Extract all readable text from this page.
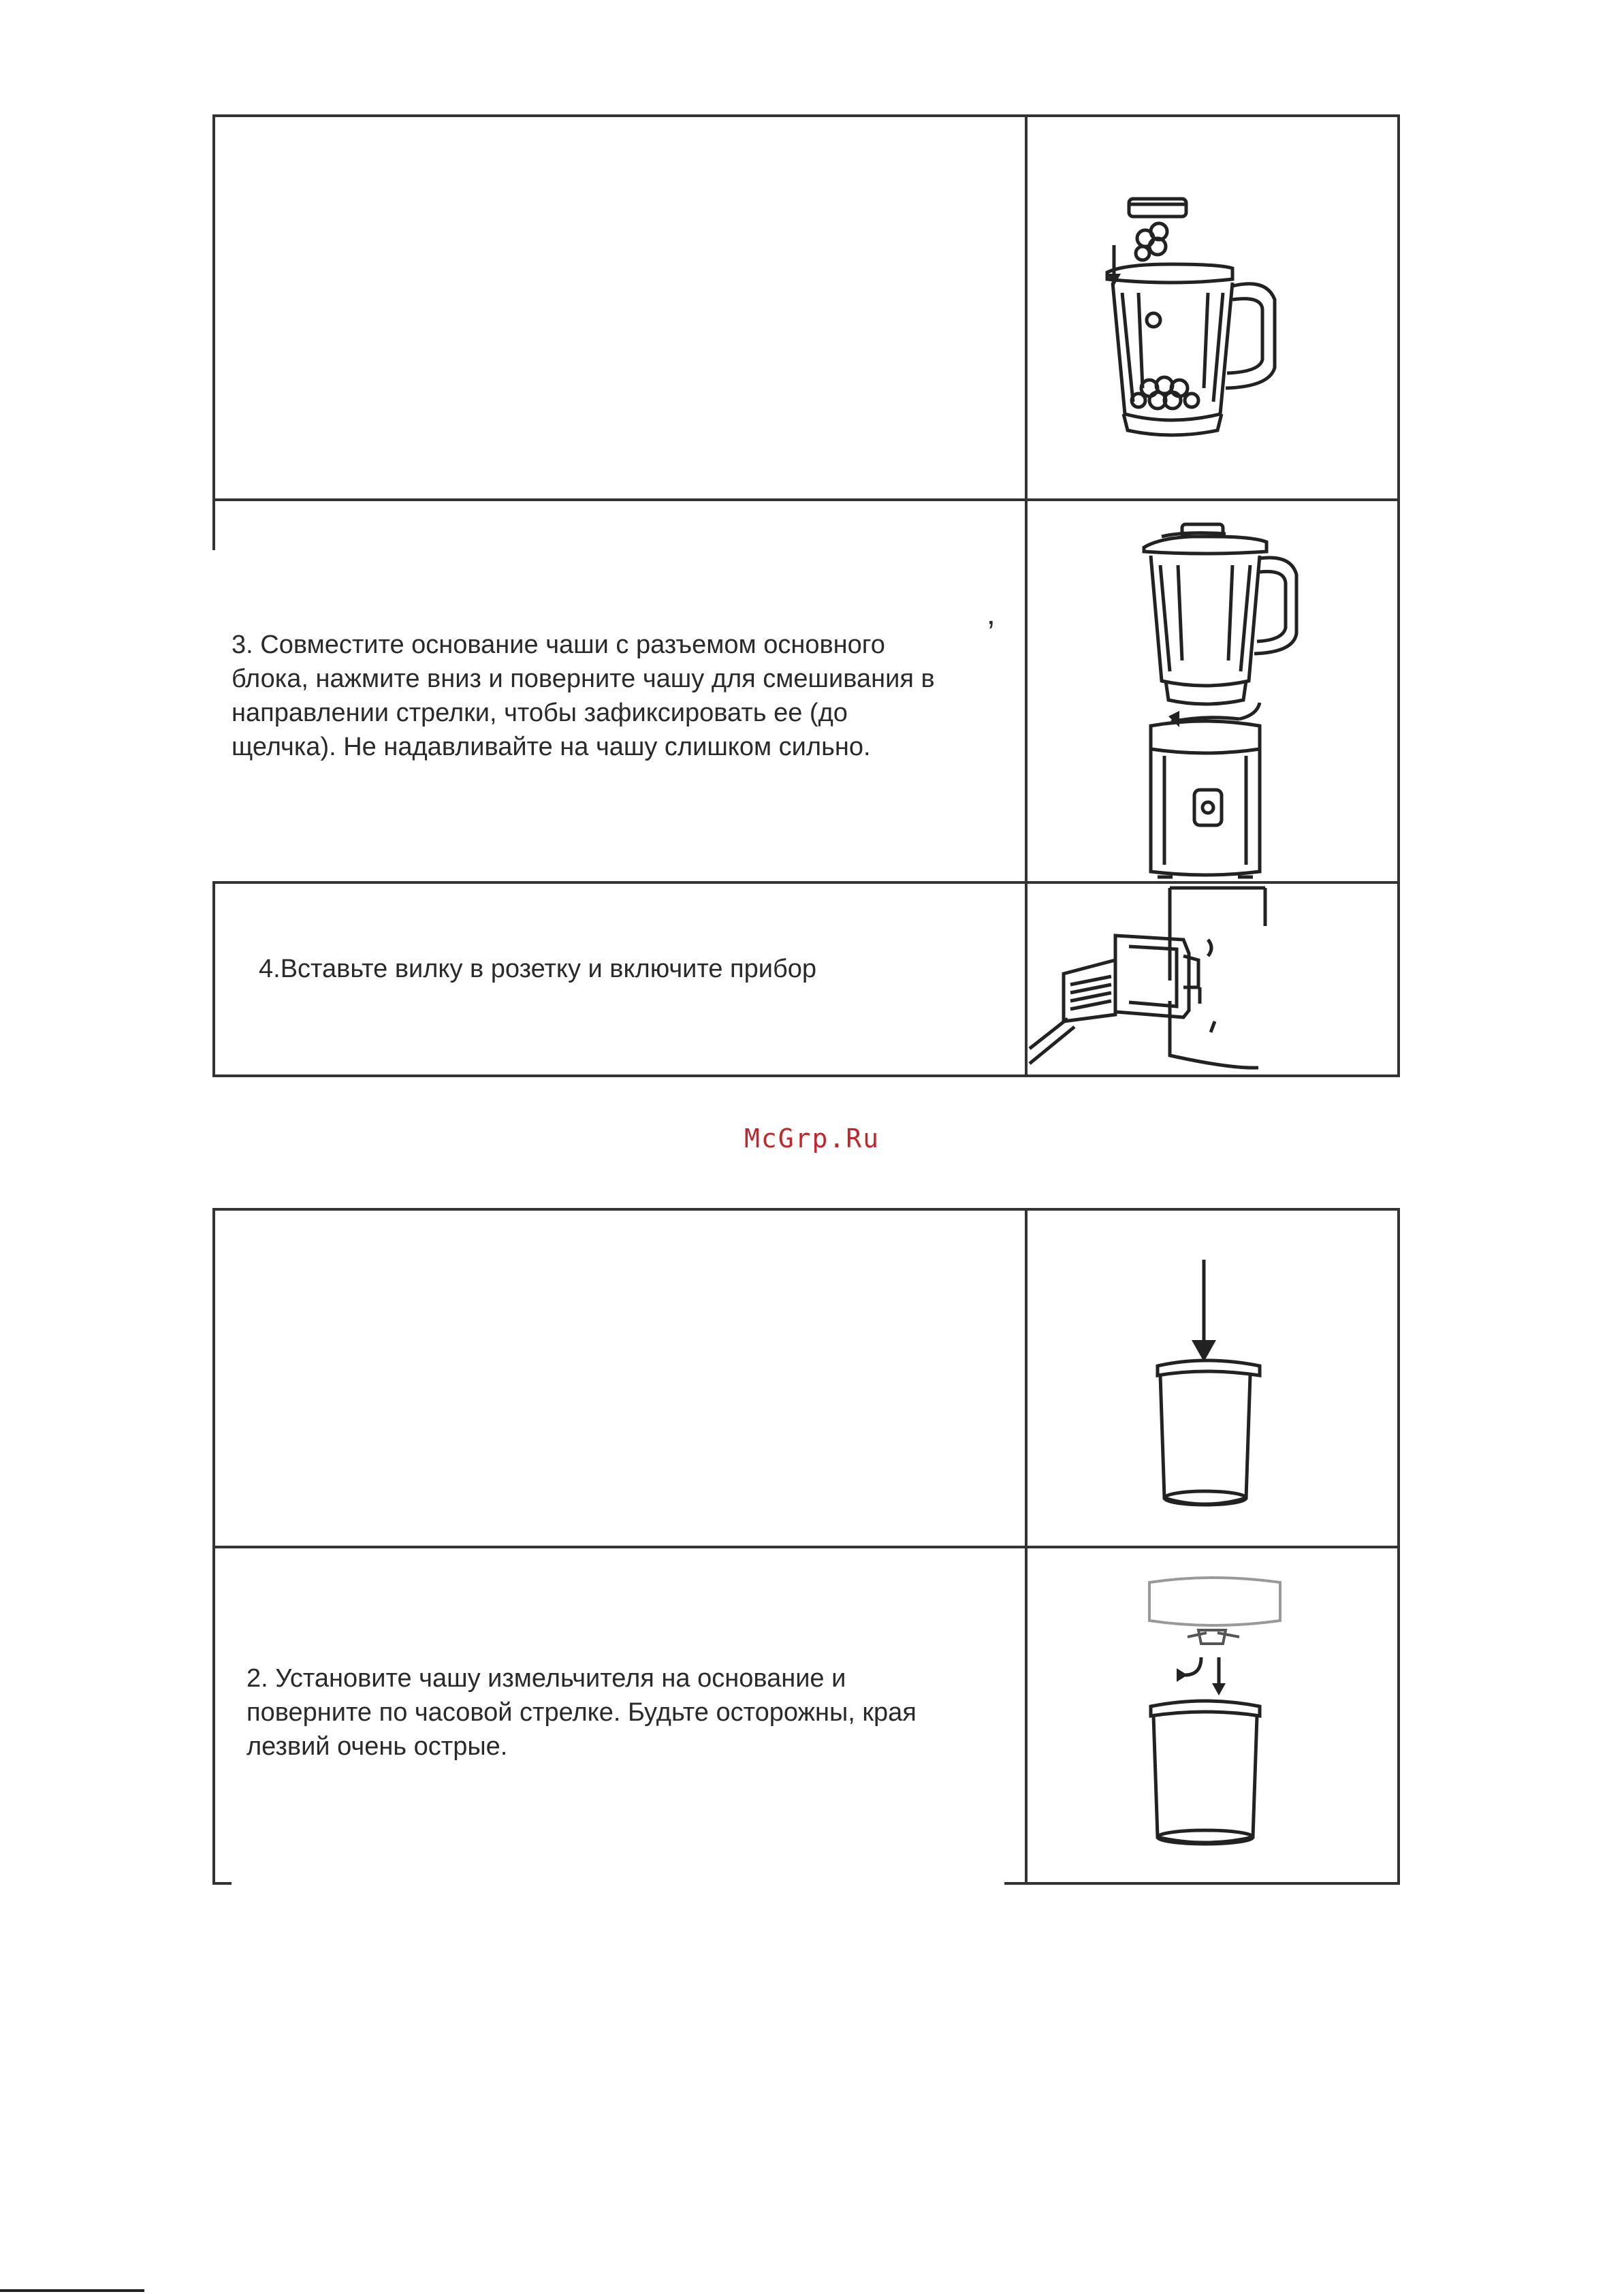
3. Совместите основание чаши с разъемом основного
блока, нажмите вниз и поверните чашу для смешивания в
направлении стрелки, чтобы зафиксировать ее (до
щелчка). Не надавливайте на чашу слишком сильно.
’
4.Вставьте вилку в розетку и включите прибор
McGrp.Ru
2. Установите чашу измельчителя на основание и
поверните по часовой стрелке. Будьте осторожны, края
лезвий очень острые.
